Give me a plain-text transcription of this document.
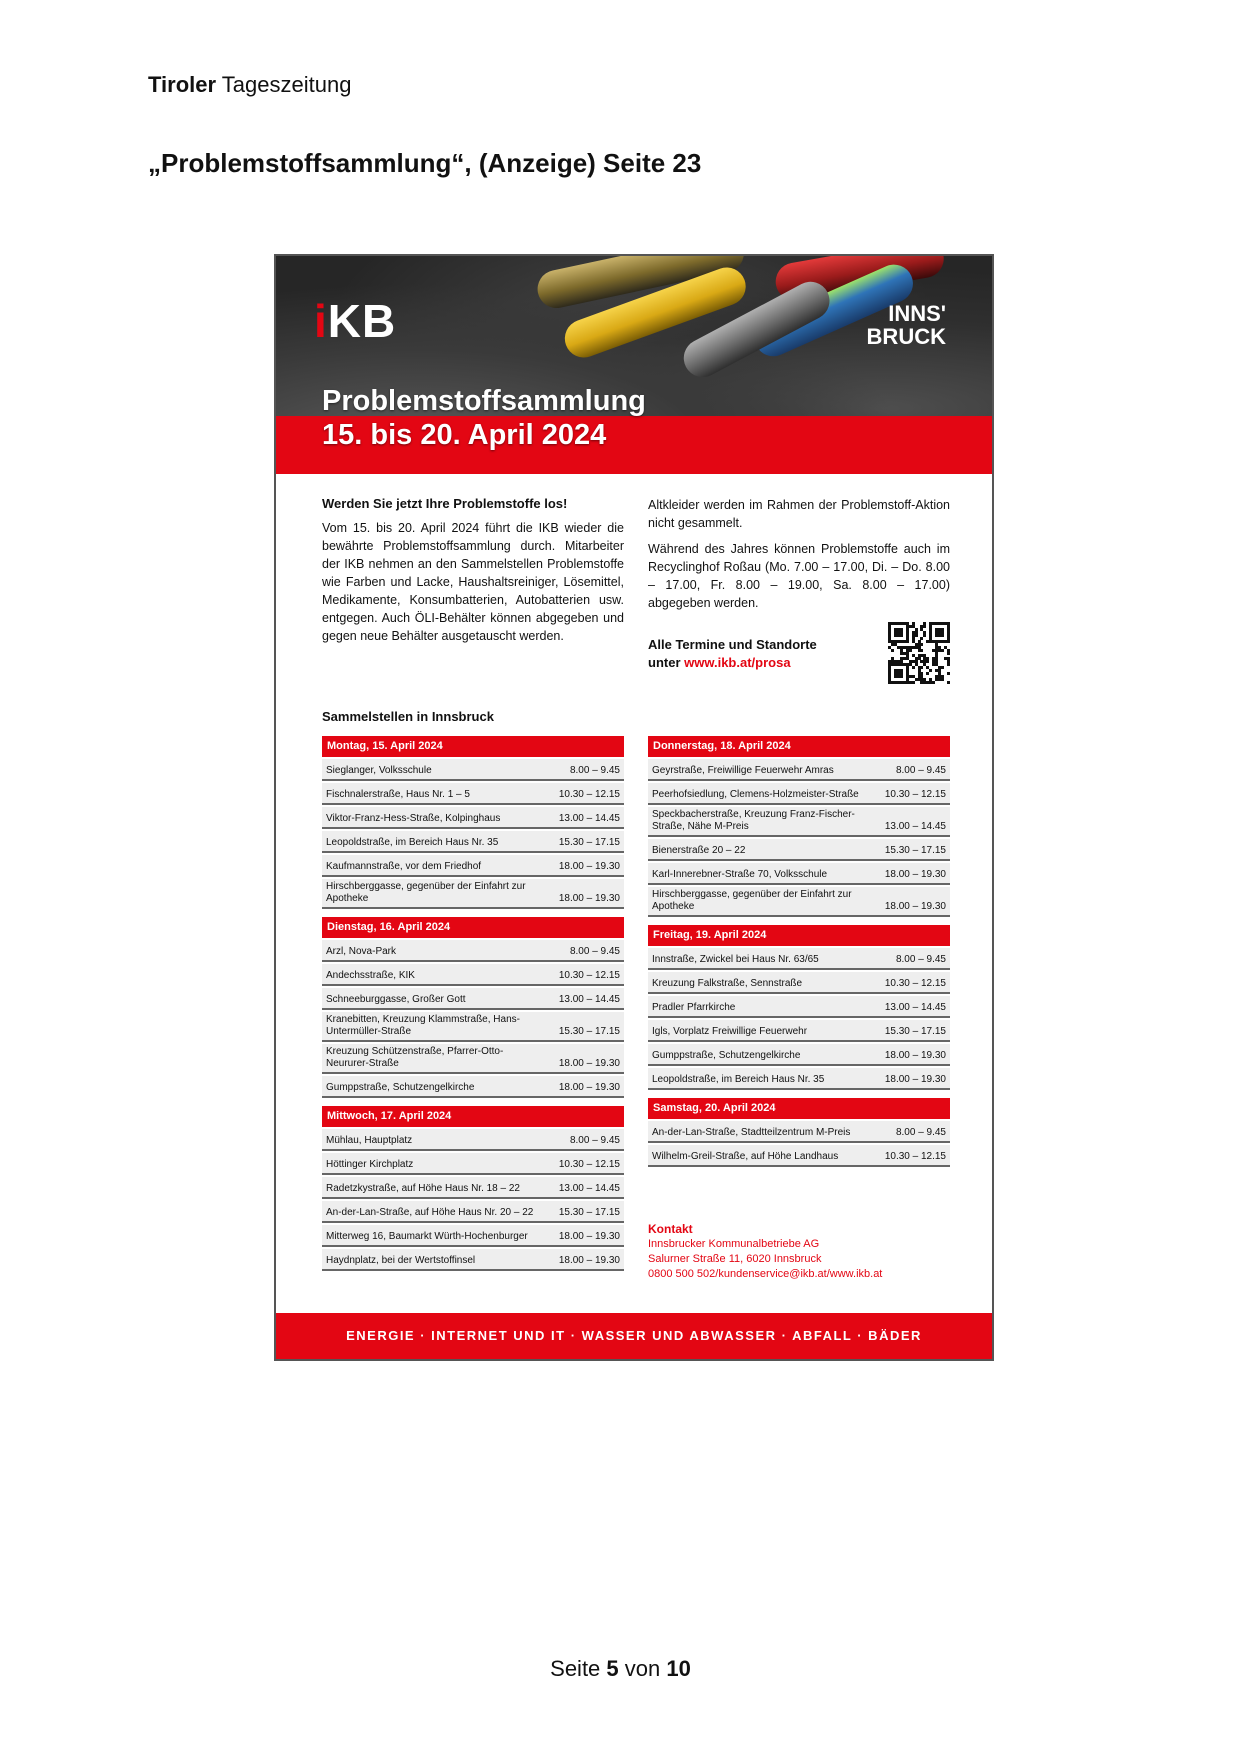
Tiroler Tageszeitung
„Problemstoffsammlung“, (Anzeige) Seite 23
iKB	INNS'
BRUCK
Problemstoffsammlung
15. bis 20. April 2024

Werden Sie jetzt Ihre Problemstoffe los!

Vom 15. bis 20. April 2024 führt die IKB wieder die bewährte Problemstoffsammlung durch. Mitarbeiter der IKB nehmen an den Sammelstellen Problemstoffe wie Farben und Lacke, Haushaltsreiniger, Lösemittel, Medikamente, Konsumbatterien, Autobatterien usw. entgegen. Auch ÖLI-Behälter können abgegeben und gegen neue Behälter ausgetauscht werden.

Altkleider werden im Rahmen der Problemstoff-Aktion nicht gesammelt.

Während des Jahres können Problemstoffe auch im Recyclinghof Roßau (Mo. 7.00 – 17.00, Di. – Do. 8.00 – 17.00, Fr. 8.00 – 19.00, Sa. 8.00 – 17.00) abgegeben werden.

Alle Termine und Standorte
unter www.ikb.at/prosa
Sammelstellen in Innsbruck
Montag, 15. April 2024
Sieglanger, Volksschule	8.00 – 9.45
Fischnalerstraße, Haus Nr. 1 – 5	10.30 – 12.15
Viktor-Franz-Hess-Straße, Kolpinghaus	13.00 – 14.45
Leopoldstraße, im Bereich Haus Nr. 35	15.30 – 17.15
Kaufmannstraße, vor dem Friedhof	18.00 – 19.30
Hirschberggasse, gegenüber der Einfahrt zur Apotheke	18.00 – 19.30
Dienstag, 16. April 2024
Arzl, Nova-Park	8.00 – 9.45
Andechsstraße, KIK	10.30 – 12.15
Schneeburggasse, Großer Gott	13.00 – 14.45
Kranebitten, Kreuzung Klammstraße, Hans-Untermüller-Straße	15.30 – 17.15
Kreuzung Schützenstraße, Pfarrer-Otto-Neururer-Straße	18.00 – 19.30
Gumppstraße, Schutzengelkirche	18.00 – 19.30
Mittwoch, 17. April 2024
Mühlau, Hauptplatz	8.00 – 9.45
Höttinger Kirchplatz	10.30 – 12.15
Radetzkystraße, auf Höhe Haus Nr. 18 – 22	13.00 – 14.45
An-der-Lan-Straße, auf Höhe Haus Nr. 20 – 22	15.30 – 17.15
Mitterweg 16, Baumarkt Würth-Hochenburger	18.00 – 19.30
Haydnplatz, bei der Wertstoffinsel	18.00 – 19.30
Donnerstag, 18. April 2024
Geyrstraße, Freiwillige Feuerwehr Amras	8.00 – 9.45
Peerhofsiedlung, Clemens-Holzmeister-Straße	10.30 – 12.15
Speckbacherstraße, Kreuzung Franz-Fischer-Straße, Nähe M-Preis	13.00 – 14.45
Bienerstraße 20 – 22	15.30 – 17.15
Karl-Innerebner-Straße 70, Volksschule	18.00 – 19.30
Hirschberggasse, gegenüber der Einfahrt zur Apotheke	18.00 – 19.30
Freitag, 19. April 2024
Innstraße, Zwickel bei Haus Nr. 63/65	8.00 – 9.45
Kreuzung Falkstraße, Sennstraße	10.30 – 12.15
Pradler Pfarrkirche	13.00 – 14.45
Igls, Vorplatz Freiwillige Feuerwehr	15.30 – 17.15
Gumppstraße, Schutzengelkirche	18.00 – 19.30
Leopoldstraße, im Bereich Haus Nr. 35	18.00 – 19.30
Samstag, 20. April 2024
An-der-Lan-Straße, Stadtteilzentrum M-Preis	8.00 – 9.45
Wilhelm-Greil-Straße, auf Höhe Landhaus	10.30 – 12.15
Kontakt
Innsbrucker Kommunalbetriebe AG
Salurner Straße 11, 6020 Innsbruck
0800 500 502/kundenservice@ikb.at/www.ikb.at
ENERGIE · INTERNET UND IT · WASSER UND ABWASSER · ABFALL · BÄDER
Seite 5 von 10
